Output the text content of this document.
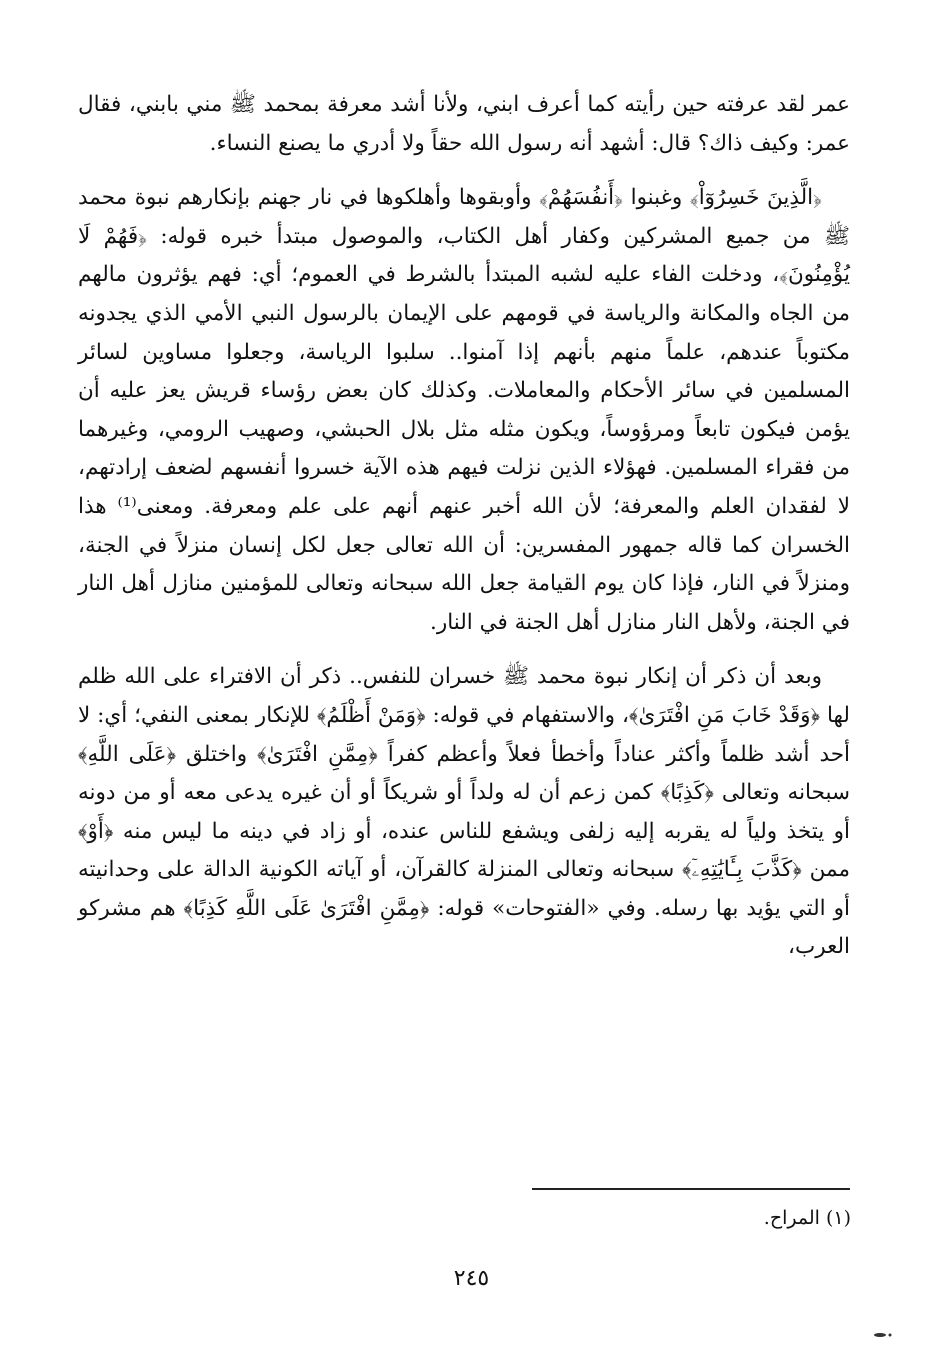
عمر لقد عرفته حين رأيته كما أعرف ابني، ولأنا أشد معرفة بمحمد ﷺ مني بابني، فقال عمر: وكيف ذاك؟ قال: أشهد أنه رسول الله حقاً ولا أدري ما يصنع النساء.

﴿الَّذِينَ خَسِرُوٓاْ﴾ وغبنوا ﴿أَنفُسَهُمْ﴾ وأوبقوها وأهلكوها في نار جهنم بإنكارهم نبوة محمد ﷺ من جميع المشركين وكفار أهل الكتاب، والموصول مبتدأ خبره قوله: ﴿فَهُمْ لَا يُؤْمِنُونَ﴾، ودخلت الفاء عليه لشبه المبتدأ بالشرط في العموم؛ أي: فهم يؤثرون مالهم من الجاه والمكانة والرياسة في قومهم على الإيمان بالرسول النبي الأمي الذي يجدونه مكتوباً عندهم، علماً منهم بأنهم إذا آمنوا.. سلبوا الرياسة، وجعلوا مساوين لسائر المسلمين في سائر الأحكام والمعاملات. وكذلك كان بعض رؤساء قريش يعز عليه أن يؤمن فيكون تابعاً ومرؤوساً، ويكون مثله مثل بلال الحبشي، وصهيب الرومي، وغيرهما من فقراء المسلمين. فهؤلاء الذين نزلت فيهم هذه الآية خسروا أنفسهم لضعف إرادتهم، لا لفقدان العلم والمعرفة؛ لأن الله أخبر عنهم أنهم على علم ومعرفة. ومعنى⁽¹⁾ هذا الخسران كما قاله جمهور المفسرين: أن الله تعالى جعل لكل إنسان منزلاً في الجنة، ومنزلاً في النار، فإذا كان يوم القيامة جعل الله سبحانه وتعالى للمؤمنين منازل أهل النار في الجنة، ولأهل النار منازل أهل الجنة في النار.

وبعد أن ذكر أن إنكار نبوة محمد ﷺ خسران للنفس.. ذكر أن الافتراء على الله ظلم لها ﴿وَقَدْ خَابَ مَنِ افْتَرَىٰ﴾، والاستفهام في قوله: ﴿وَمَنْ أَظْلَمُ﴾ للإنكار بمعنى النفي؛ أي: لا أحد أشد ظلماً وأكثر عناداً وأخطأ فعلاً وأعظم كفراً ﴿مِمَّنِ افْتَرَىٰ﴾ واختلق ﴿عَلَى اللَّهِ﴾ سبحانه وتعالى ﴿كَذِبًا﴾ كمن زعم أن له ولداً أو شريكاً أو أن غيره يدعى معه أو من دونه أو يتخذ ولياً له يقربه إليه زلفى ويشفع للناس عنده، أو زاد في دينه ما ليس منه ﴿أَوْ﴾ ممن ﴿كَذَّبَ بِـَٔايَٰتِهِۦٓ﴾ سبحانه وتعالى المنزلة كالقرآن، أو آياته الكونية الدالة على وحدانيته أو التي يؤيد بها رسله. وفي «الفتوحات» قوله: ﴿مِمَّنِ افْتَرَىٰ عَلَى اللَّهِ كَذِبًا﴾ هم مشركو العرب،

(١) المراح.
٢٤٥
